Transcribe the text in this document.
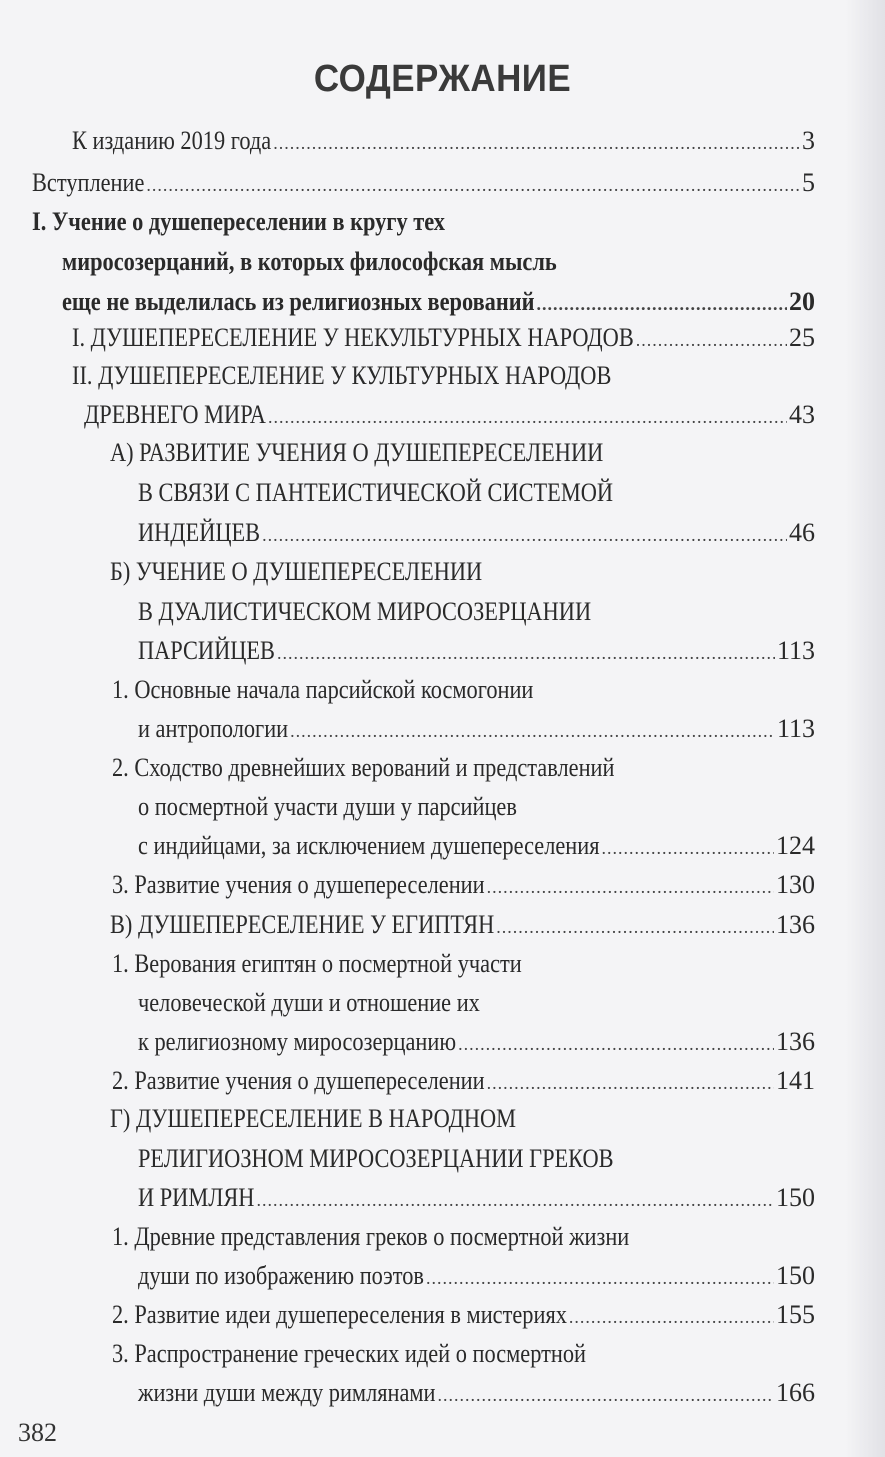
СОДЕРЖАНИЕ
К изданию 2019 года .....	3
Вступление .....	5
I. Учение о душепереселении в кругу тех
миросозерцаний, в которых философская мысль
еще не выделилась из религиозных верований .....	20
I. ДУШЕПЕРЕСЕЛЕНИЕ У НЕКУЛЬТУРНЫХ НАРОДОВ .....	25
II. ДУШЕПЕРЕСЕЛЕНИЕ У КУЛЬТУРНЫХ НАРОДОВ
ДРЕВНЕГО МИРА .....	43
А) РАЗВИТИЕ УЧЕНИЯ О ДУШЕПЕРЕСЕЛЕНИИ
В СВЯЗИ С ПАНТЕИСТИЧЕСКОЙ СИСТЕМОЙ
ИНДЕЙЦЕВ .....	46
Б) УЧЕНИЕ О ДУШЕПЕРЕСЕЛЕНИИ
В ДУАЛИСТИЧЕСКОМ МИРОСОЗЕРЦАНИИ
ПАРСИЙЦЕВ .....	113
1. Основные начала парсийской космогонии
и антропологии .....	113
2. Сходство древнейших верований и представлений
о посмертной участи души у парсийцев
с индийцами, за исключением душепереселения .....	124
3. Развитие учения о душепереселении .....	130
В) ДУШЕПЕРЕСЕЛЕНИЕ У ЕГИПТЯН .....	136
1. Верования египтян о посмертной участи
человеческой души и отношение их
к религиозному миросозерцанию .....	136
2. Развитие учения о душепереселении .....	141
Г) ДУШЕПЕРЕСЕЛЕНИЕ В НАРОДНОМ
РЕЛИГИОЗНОМ МИРОСОЗЕРЦАНИИ ГРЕКОВ
И РИМЛЯН .....	150
1. Древние представления греков о посмертной жизни
души по изображению поэтов .....	150
2. Развитие идеи душепереселения в мистериях .....	155
3. Распространение греческих идей о посмертной
жизни души между римлянами .....	166
382
